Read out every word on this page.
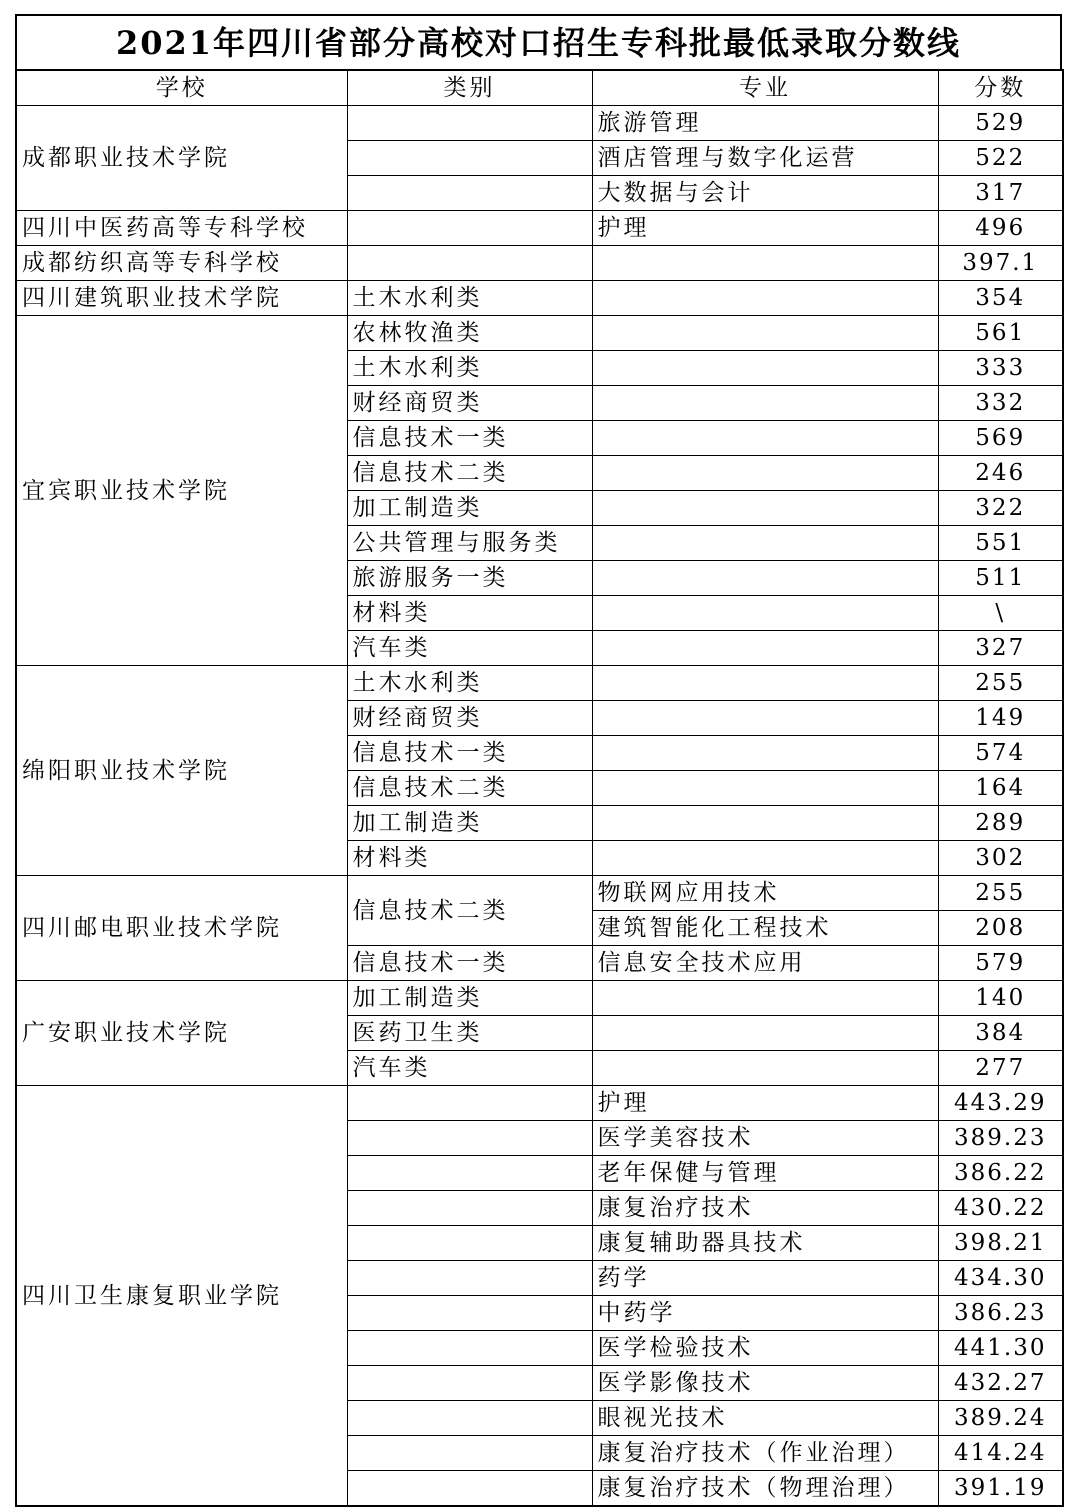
2021年四川省部分高校对口招生专科批最低录取分数线
学校	类别	专业	分数
成都职业技术学院		旅游管理	529
		酒店管理与数字化运营	522
		大数据与会计	317
四川中医药高等专科学校		护理	496
成都纺织高等专科学校			397.1
四川建筑职业技术学院	土木水利类		354
宜宾职业技术学院	农林牧渔类		561
	土木水利类		333
	财经商贸类		332
	信息技术一类		569
	信息技术二类		246
	加工制造类		322
	公共管理与服务类		551
	旅游服务一类		511
	材料类		\
	汽车类		327
绵阳职业技术学院	土木水利类		255
	财经商贸类		149
	信息技术一类		574
	信息技术二类		164
	加工制造类		289
	材料类		302
四川邮电职业技术学院	信息技术二类	物联网应用技术	255
		建筑智能化工程技术	208
	信息技术一类	信息安全技术应用	579
广安职业技术学院	加工制造类		140
	医药卫生类		384
	汽车类		277
四川卫生康复职业学院		护理	443.29
		医学美容技术	389.23
		老年保健与管理	386.22
		康复治疗技术	430.22
		康复辅助器具技术	398.21
		药学	434.30
		中药学	386.23
		医学检验技术	441.30
		医学影像技术	432.27
		眼视光技术	389.24
		康复治疗技术（作业治理）	414.24
		康复治疗技术（物理治理）	391.19
